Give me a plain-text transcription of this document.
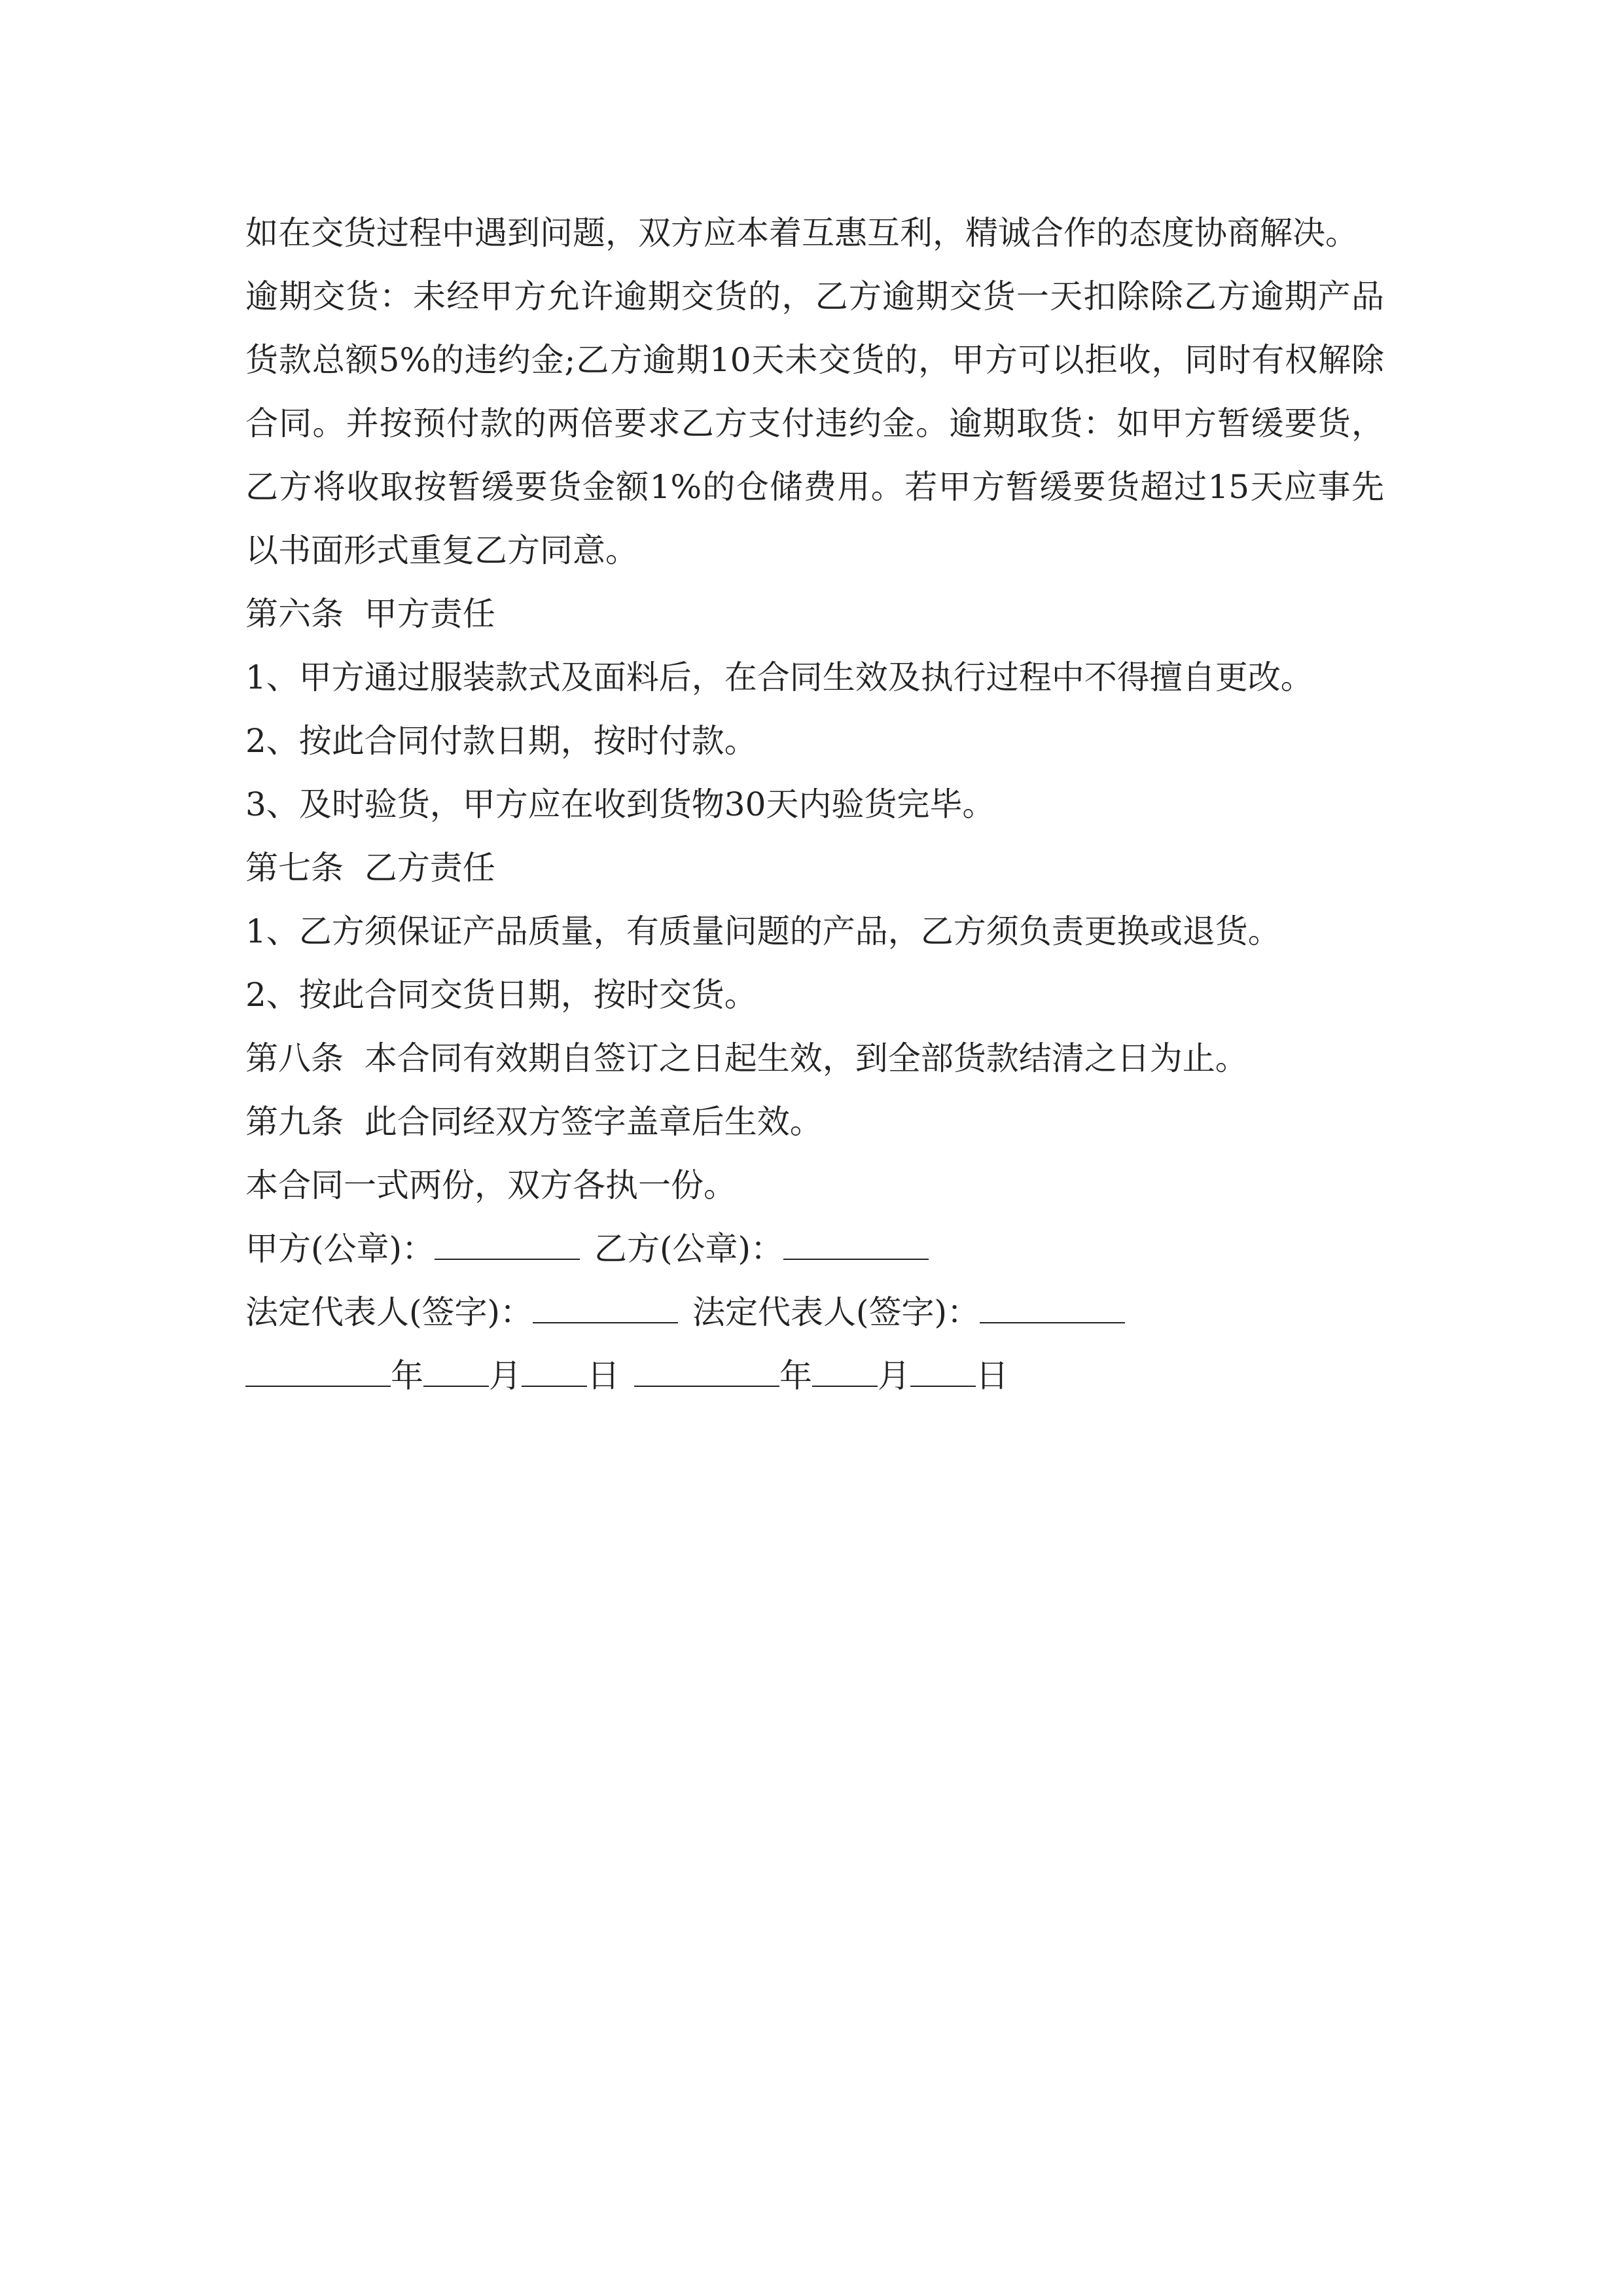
如在交货过程中遇到问题，双方应本着互惠互利，精诚合作的态度协商解决。

逾期交货：未经甲方允许逾期交货的，乙方逾期交货一天扣除除乙方逾期产品货款总额5%的违约金;乙方逾期10天未交货的，甲方可以拒收，同时有权解除合同。并按预付款的两倍要求乙方支付违约金。逾期取货：如甲方暂缓要货，乙方将收取按暂缓要货金额1%的仓储费用。若甲方暂缓要货超过15天应事先以书面形式重复乙方同意。

第六条  甲方责任

1、甲方通过服装款式及面料后，在合同生效及执行过程中不得擅自更改。

2、按此合同付款日期，按时付款。

3、及时验货，甲方应在收到货物30天内验货完毕。

第七条  乙方责任

1、乙方须保证产品质量，有质量问题的产品，乙方须负责更换或退货。

2、按此合同交货日期，按时交货。

第八条  本合同有效期自签订之日起生效，到全部货款结清之日为止。

第九条  此合同经双方签字盖章后生效。

本合同一式两份，双方各执一份。

甲方(公章)：	乙方(公章)：
法定代表人(签字)：	法定代表人(签字)：
年 月 日	年 月 日
